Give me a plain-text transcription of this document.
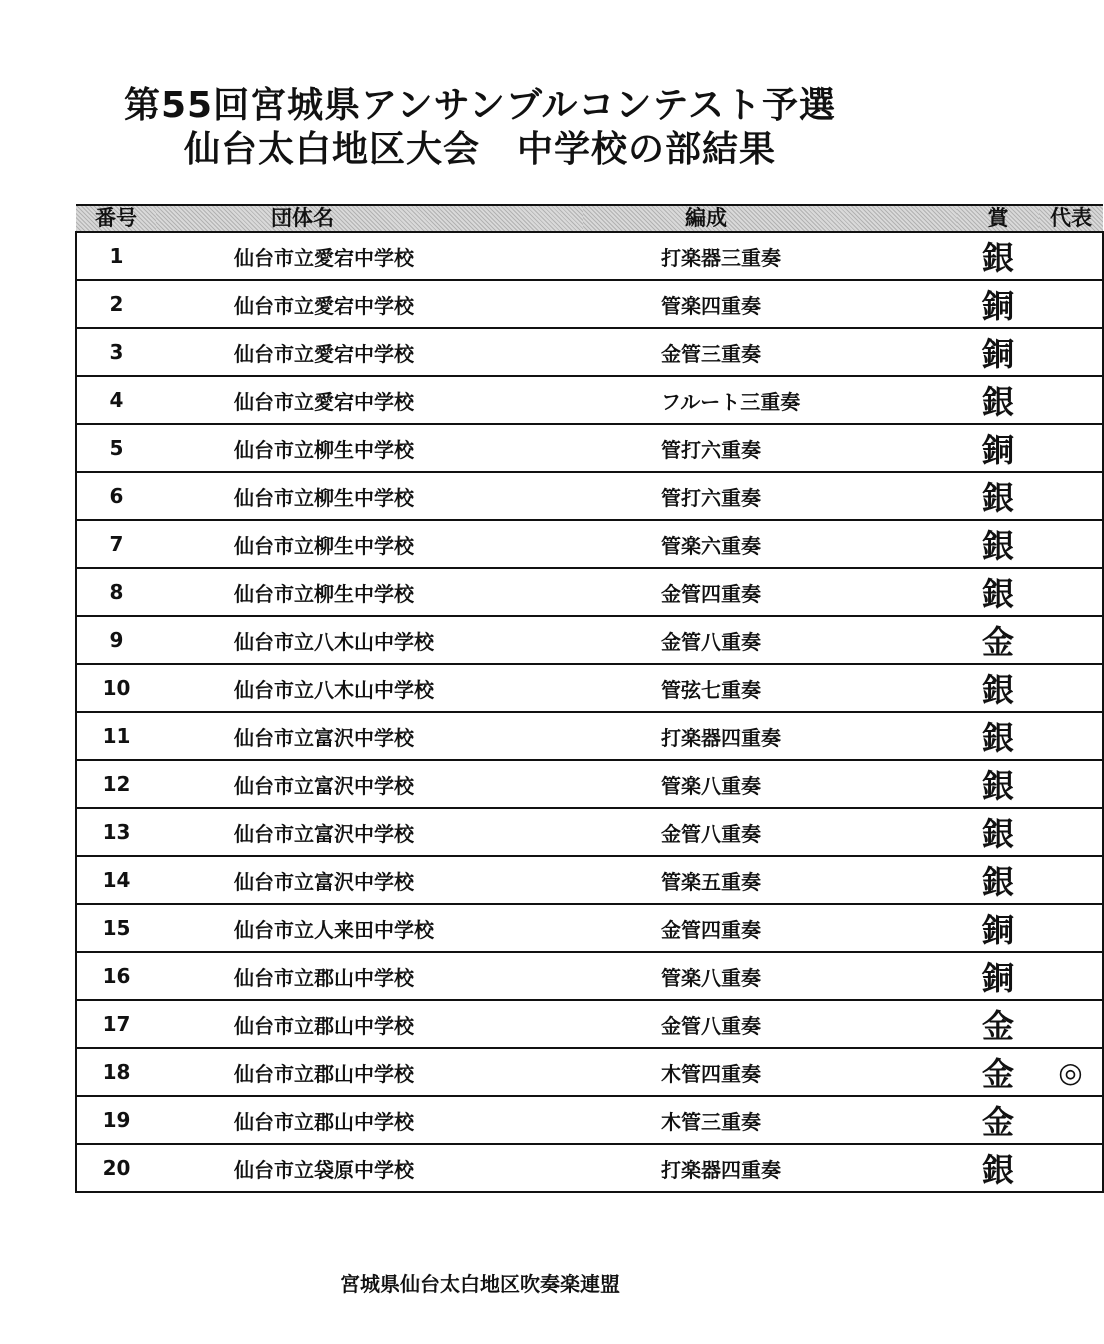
第55回宮城県アンサンブルコンテスト予選
仙台太白地区大会　中学校の部結果
番号	団体名	編成	賞	代表
1	仙台市立愛宕中学校	打楽器三重奏	銀	
2	仙台市立愛宕中学校	管楽四重奏	銅	
3	仙台市立愛宕中学校	金管三重奏	銅	
4	仙台市立愛宕中学校	フルート三重奏	銀	
5	仙台市立柳生中学校	管打六重奏	銅	
6	仙台市立柳生中学校	管打六重奏	銀	
7	仙台市立柳生中学校	管楽六重奏	銀	
8	仙台市立柳生中学校	金管四重奏	銀	
9	仙台市立八木山中学校	金管八重奏	金	
10	仙台市立八木山中学校	管弦七重奏	銀	
11	仙台市立富沢中学校	打楽器四重奏	銀	
12	仙台市立富沢中学校	管楽八重奏	銀	
13	仙台市立富沢中学校	金管八重奏	銀	
14	仙台市立富沢中学校	管楽五重奏	銀	
15	仙台市立人来田中学校	金管四重奏	銅	
16	仙台市立郡山中学校	管楽八重奏	銅	
17	仙台市立郡山中学校	金管八重奏	金	
18	仙台市立郡山中学校	木管四重奏	金	◎
19	仙台市立郡山中学校	木管三重奏	金	
20	仙台市立袋原中学校	打楽器四重奏	銀	
宮城県仙台太白地区吹奏楽連盟
